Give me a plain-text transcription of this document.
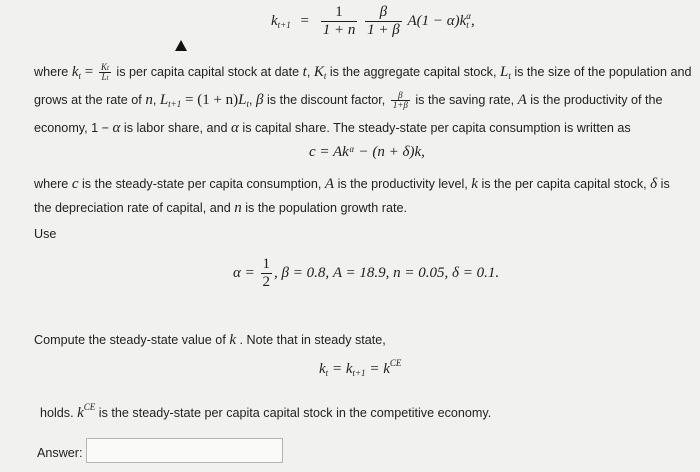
$k_{t+1} = \frac{1}{1 + n}$
$\frac{\beta}{1 + \beta} A(1 - \alpha)k$ α
t ,
where $k_t = \frac{Kt}{Lt}$ is per capita capital stock at date t, $K_t$ is the aggregate capital stock, $L_t$ is the size of the population and
grows at the rate of n, $L_{t+1} = (1 + n)L_t$, β is the discount factor, $\frac{\beta}{1+\beta}$ is the saving rate, A is the productivity of the
economy, 1 − α is labor share, and α is capital share. The steady-state per capita consumption is written as
c = Akᵅ − (n + δ)k,
where c is the steady-state per capita consumption, A is the productivity level, k is the per capita capital stock, δ is
the depreciation rate of capital, and n is the population growth rate.
Use
$\alpha = \frac{1}{2}$ , β = 0.8, A = 18.9, n = 0.05, δ = 0.1.
Compute the steady-state value of k . Note that in steady state,
$k_t = k_{t+1} = k^{CE}$
holds. $k^{CE}$ is the steady-state per capita capital stock in the competitive economy.
Answer:
